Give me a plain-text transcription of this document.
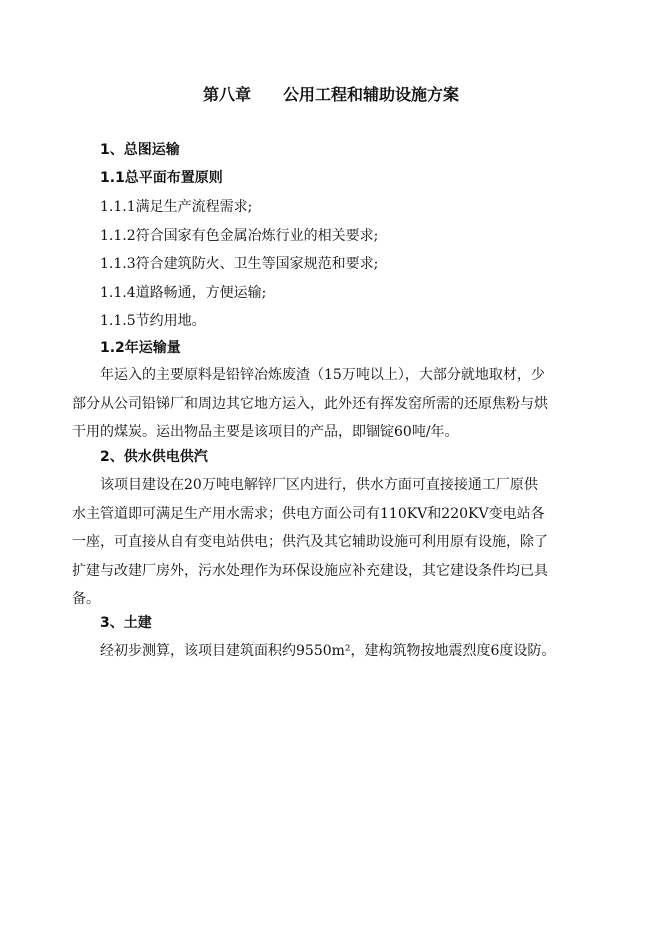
第八章　　公用工程和辅助设施方案
1、总图运输
1.1总平面布置原则
1.1.1满足生产流程需求;
1.1.2符合国家有色金属冶炼行业的相关要求;
1.1.3符合建筑防火、卫生等国家规范和要求;
1.1.4道路畅通，方便运输;
1.1.5节约用地。
1.2年运输量
年运入的主要原料是铅锌冶炼废渣（15万吨以上），大部分就地取材，少
部分从公司铅锑厂和周边其它地方运入，此外还有挥发窑所需的还原焦粉与烘
干用的煤炭。运出物品主要是该项目的产品，即锢锭60吨/年。
2、供水供电供汽
该项目建设在20万吨电解锌厂区内进行，供水方面可直接接通工厂原供
水主管道即可满足生产用水需求；供电方面公司有110KV和220KV变电站各
一座，可直接从自有变电站供电；供汽及其它辅助设施可利用原有设施，除了
扩建与改建厂房外，污水处理作为环保设施应补充建设，其它建设条件均已具
备。
3、土建
经初步测算，该项目建筑面积约9550m²，建构筑物按地震烈度6度设防。
